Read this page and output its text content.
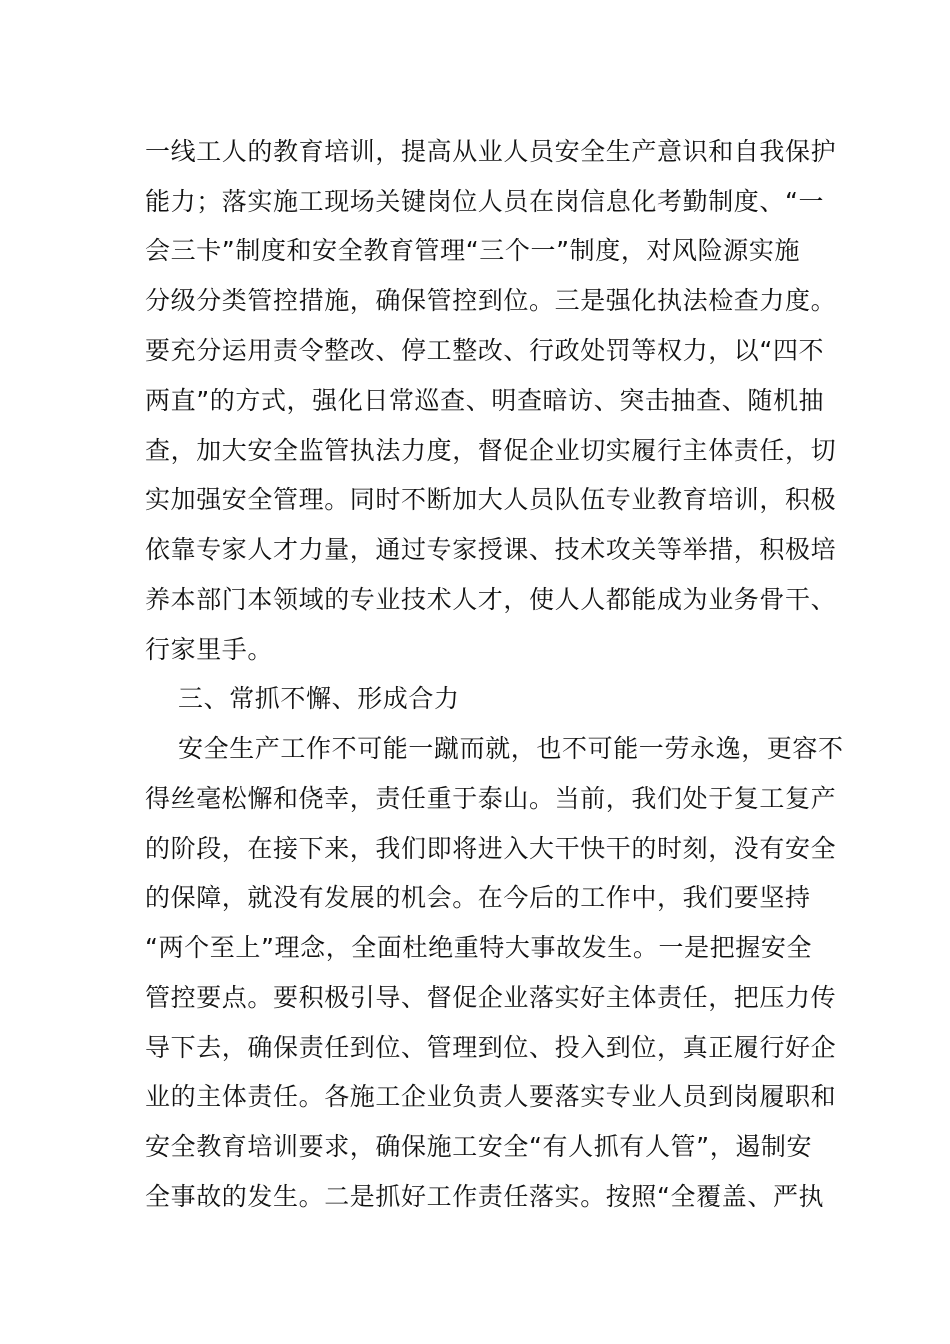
一线工人的教育培训，提高从业人员安全生产意识和自我保护
能力；落实施工现场关键岗位人员在岗信息化考勤制度、“一
会三卡”制度和安全教育管理“三个一”制度，对风险源实施
分级分类管控措施，确保管控到位。三是强化执法检查力度。
要充分运用责令整改、停工整改、行政处罚等权力，以“四不
两直”的方式，强化日常巡查、明查暗访、突击抽查、随机抽
查，加大安全监管执法力度，督促企业切实履行主体责任，切
实加强安全管理。同时不断加大人员队伍专业教育培训，积极
依靠专家人才力量，通过专家授课、技术攻关等举措，积极培
养本部门本领域的专业技术人才，使人人都能成为业务骨干、
行家里手。
三、常抓不懈、形成合力
安全生产工作不可能一蹴而就，也不可能一劳永逸，更容不
得丝毫松懈和侥幸，责任重于泰山。当前，我们处于复工复产
的阶段，在接下来，我们即将进入大干快干的时刻，没有安全
的保障，就没有发展的机会。在今后的工作中，我们要坚持
“两个至上”理念，全面杜绝重特大事故发生。一是把握安全
管控要点。要积极引导、督促企业落实好主体责任，把压力传
导下去，确保责任到位、管理到位、投入到位，真正履行好企
业的主体责任。各施工企业负责人要落实专业人员到岗履职和
安全教育培训要求，确保施工安全“有人抓有人管”，遏制安
全事故的发生。二是抓好工作责任落实。按照“全覆盖、严执
